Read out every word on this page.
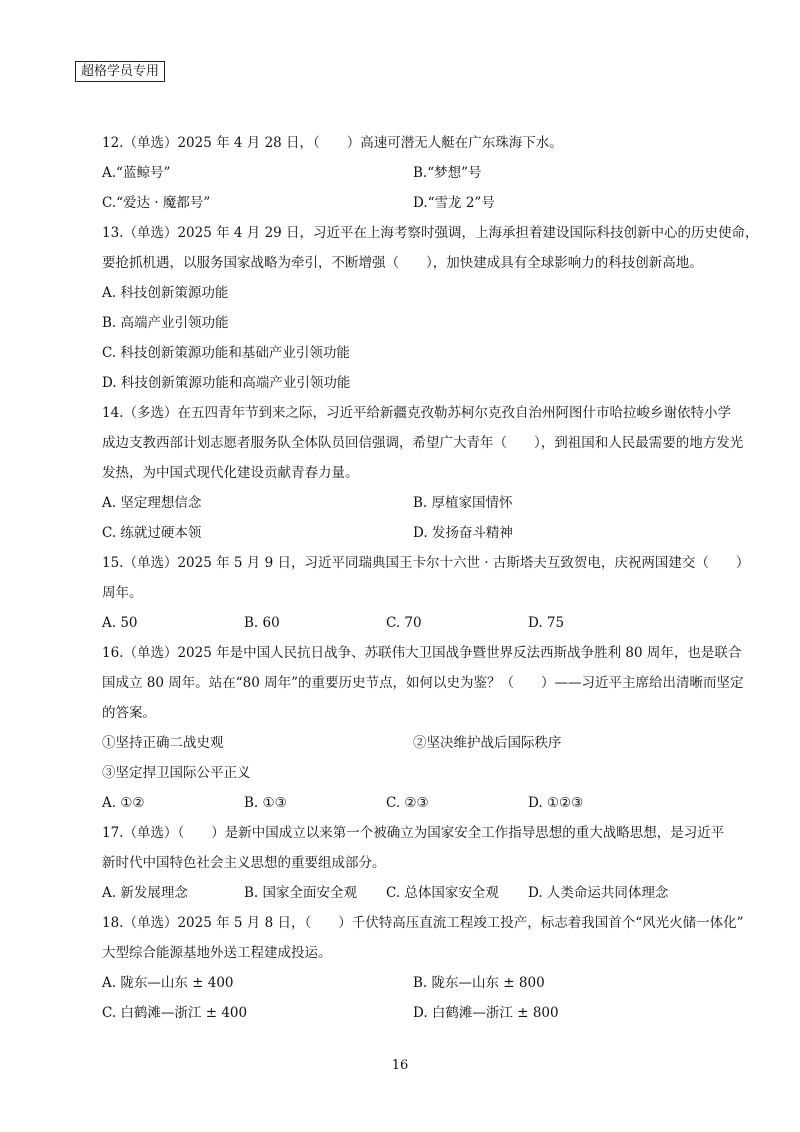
超格学员专用
12.（单选）2025 年 4 月 28 日，（　　）高速可潜无人艇在广东珠海下水。
A.“蓝鲸号”	B.“梦想”号
C.“爱达 · 魔都号”	D.“雪龙 2”号
13.（单选）2025 年 4 月 29 日，习近平在上海考察时强调，上海承担着建设国际科技创新中心的历史使命，
要抢抓机遇，以服务国家战略为牵引，不断增强（　　），加快建成具有全球影响力的科技创新高地。
A. 科技创新策源功能
B. 高端产业引领功能
C. 科技创新策源功能和基础产业引领功能
D. 科技创新策源功能和高端产业引领功能
14.（多选）在五四青年节到来之际，习近平给新疆克孜勒苏柯尔克孜自治州阿图什市哈拉峻乡谢依特小学
成边支教西部计划志愿者服务队全体队员回信强调，希望广大青年（　　），到祖国和人民最需要的地方发光
发热，为中国式现代化建设贡献青春力量。
A. 坚定理想信念	B. 厚植家国情怀
C. 练就过硬本领	D. 发扬奋斗精神
15.（单选）2025 年 5 月 9 日，习近平同瑞典国王卡尔十六世 · 古斯塔夫互致贺电，庆祝两国建交（　　）
周年。
A. 50	B. 60	C. 70	D. 75
16.（单选）2025 年是中国人民抗日战争、苏联伟大卫国战争暨世界反法西斯战争胜利 80 周年，也是联合
国成立 80 周年。站在“80 周年”的重要历史节点，如何以史为鉴？（　　）——习近平主席给出清晰而坚定
的答案。
①坚持正确二战史观	②坚决维护战后国际秩序
③坚定捍卫国际公平正义
A. ①②	B. ①③	C. ②③	D. ①②③
17.（单选）（　　）是新中国成立以来第一个被确立为国家安全工作指导思想的重大战略思想，是习近平
新时代中国特色社会主义思想的重要组成部分。
A. 新发展理念	B. 国家全面安全观	C. 总体国家安全观	D. 人类命运共同体理念
18.（单选）2025 年 5 月 8 日，（　　）千伏特高压直流工程竣工投产，标志着我国首个“风光火储一体化”
大型综合能源基地外送工程建成投运。
A. 陇东—山东 ± 400	B. 陇东—山东 ± 800
C. 白鹤滩—浙江 ± 400	D. 白鹤滩—浙江 ± 800
16
